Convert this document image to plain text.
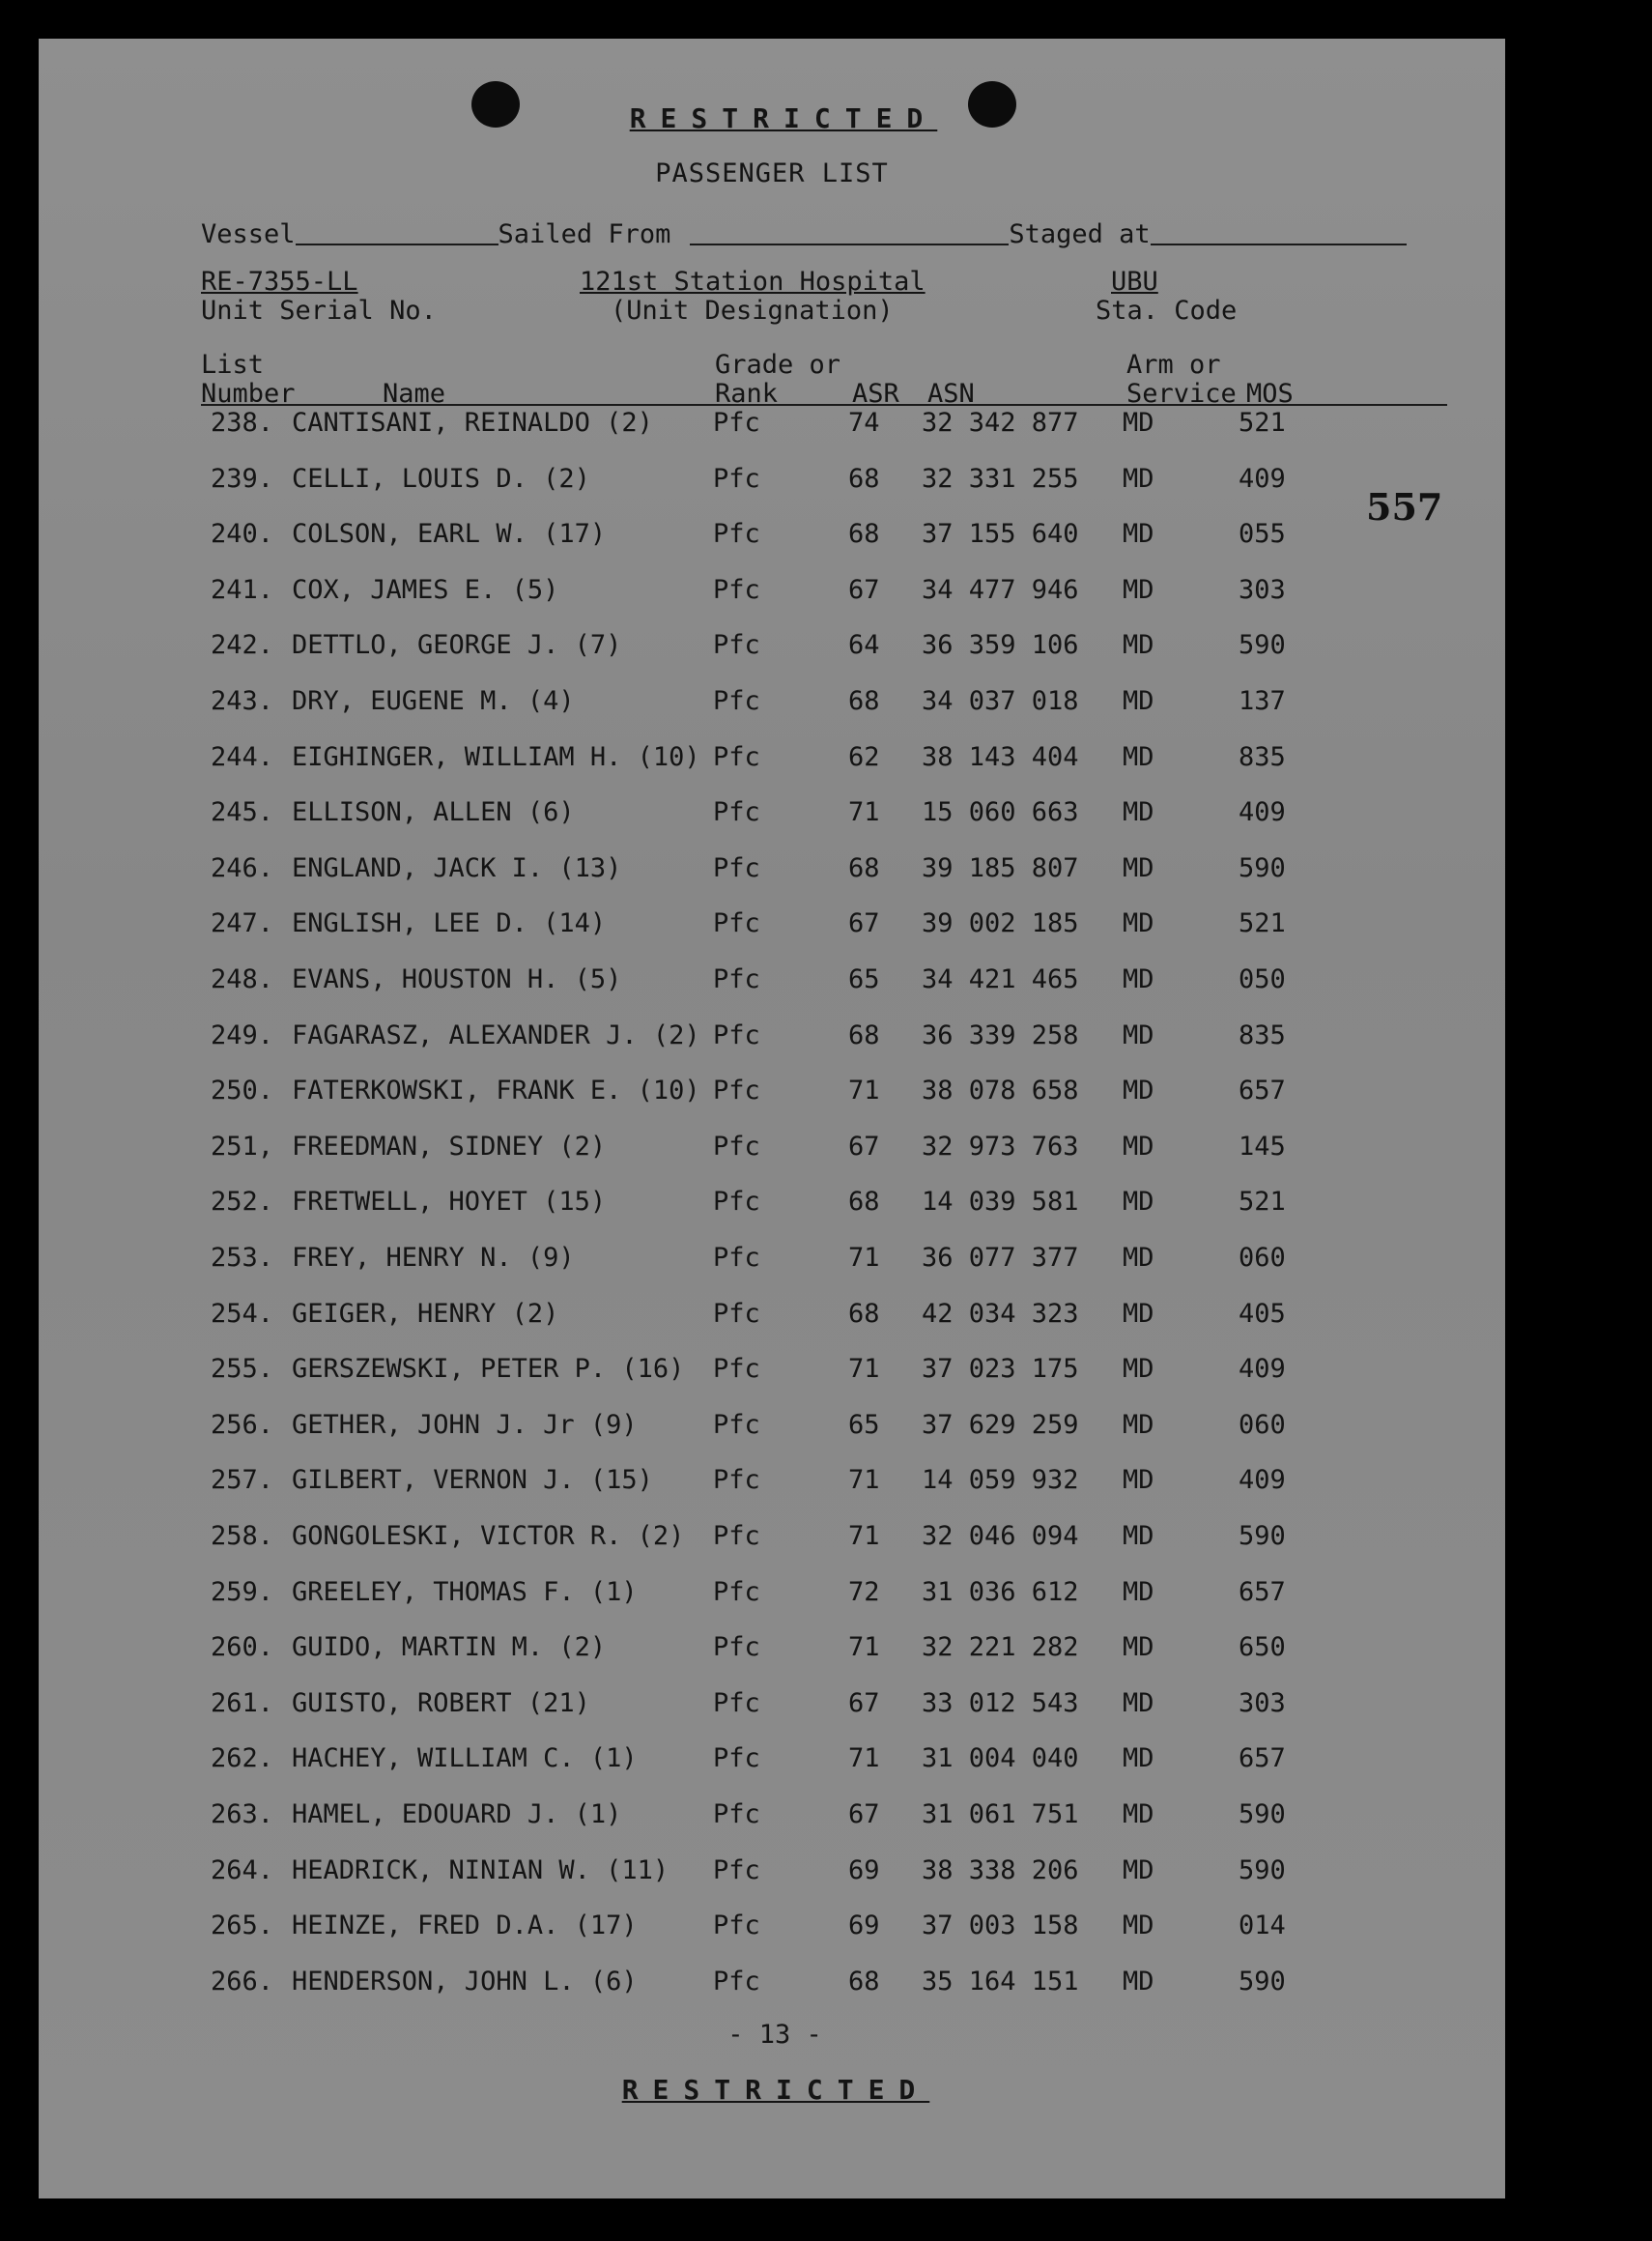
RESTRICTED
PASSENGER LIST
Vessel	Sailed From	Staged at
RE-7355-LL
Unit Serial No.
121st Station Hospital
(Unit Designation)
UBU
Sta. Code
List
Number	Name
Grade or
Rank	ASR ASN
Arm or
Service MOS
238. CANTISANI, REINALDO (2) Pfc	74 32 342 877 MD	521
239. CELLI, LOUIS D. (2)	Pfc	68 32 331 255 MD	409
240. COLSON, EARL W. (17)	Pfc	68 37 155 640 MD	055
241. COX, JAMES E. (5)	Pfc	67 34 477 946 MD	303
242. DETTLO, GEORGE J. (7)	Pfc	64 36 359 106 MD	590
243. DRY, EUGENE M. (4)	Pfc	68 34 037 018 MD	137
244. EIGHINGER, WILLIAM H. (10) Pfc	62 38 143 404 MD	835
245. ELLISON, ALLEN (6)	Pfc	71 15 060 663 MD	409
246. ENGLAND, JACK I. (13)	Pfc	68 39 185 807 MD	590
247. ENGLISH, LEE D. (14)	Pfc	67 39 002 185 MD	521
248. EVANS, HOUSTON H. (5)	Pfc	65 34 421 465 MD	050
249. FAGARASZ, ALEXANDER J. (2) Pfc	68 36 339 258 MD	835
250. FATERKOWSKI, FRANK E. (10) Pfc	71 38 078 658 MD	657
251, FREEDMAN, SIDNEY (2)	Pfc	67 32 973 763 MD	145
252. FRETWELL, HOYET (15)	Pfc	68 14 039 581 MD	521
253. FREY, HENRY N. (9)	Pfc	71 36 077 377 MD	060
254. GEIGER, HENRY (2)	Pfc	68 42 034 323 MD	405
255. GERSZEWSKI, PETER P. (16) Pfc	71 37 023 175 MD	409
256. GETHER, JOHN J. Jr (9)	Pfc	65 37 629 259 MD	060
257. GILBERT, VERNON J. (15) Pfc	71 14 059 932 MD	409
258. GONGOLESKI, VICTOR R. (2) Pfc	71 32 046 094 MD	590
259. GREELEY, THOMAS F. (1)	Pfc	72 31 036 612 MD	657
260. GUIDO, MARTIN M. (2)	Pfc	71 32 221 282 MD	650
261. GUISTO, ROBERT (21)	Pfc	67 33 012 543 MD	303
262. HACHEY, WILLIAM C. (1)	Pfc	71 31 004 040 MD	657
263. HAMEL, EDOUARD J. (1)	Pfc	67 31 061 751 MD	590
264. HEADRICK, NINIAN W. (11) Pfc	69 38 338 206 MD	590
265. HEINZE, FRED D.A. (17)	Pfc	69 37 003 158 MD	014
266. HENDERSON, JOHN L. (6)	Pfc	68 35 164 151 MD	590
557
- 13 -
RESTRICTED
